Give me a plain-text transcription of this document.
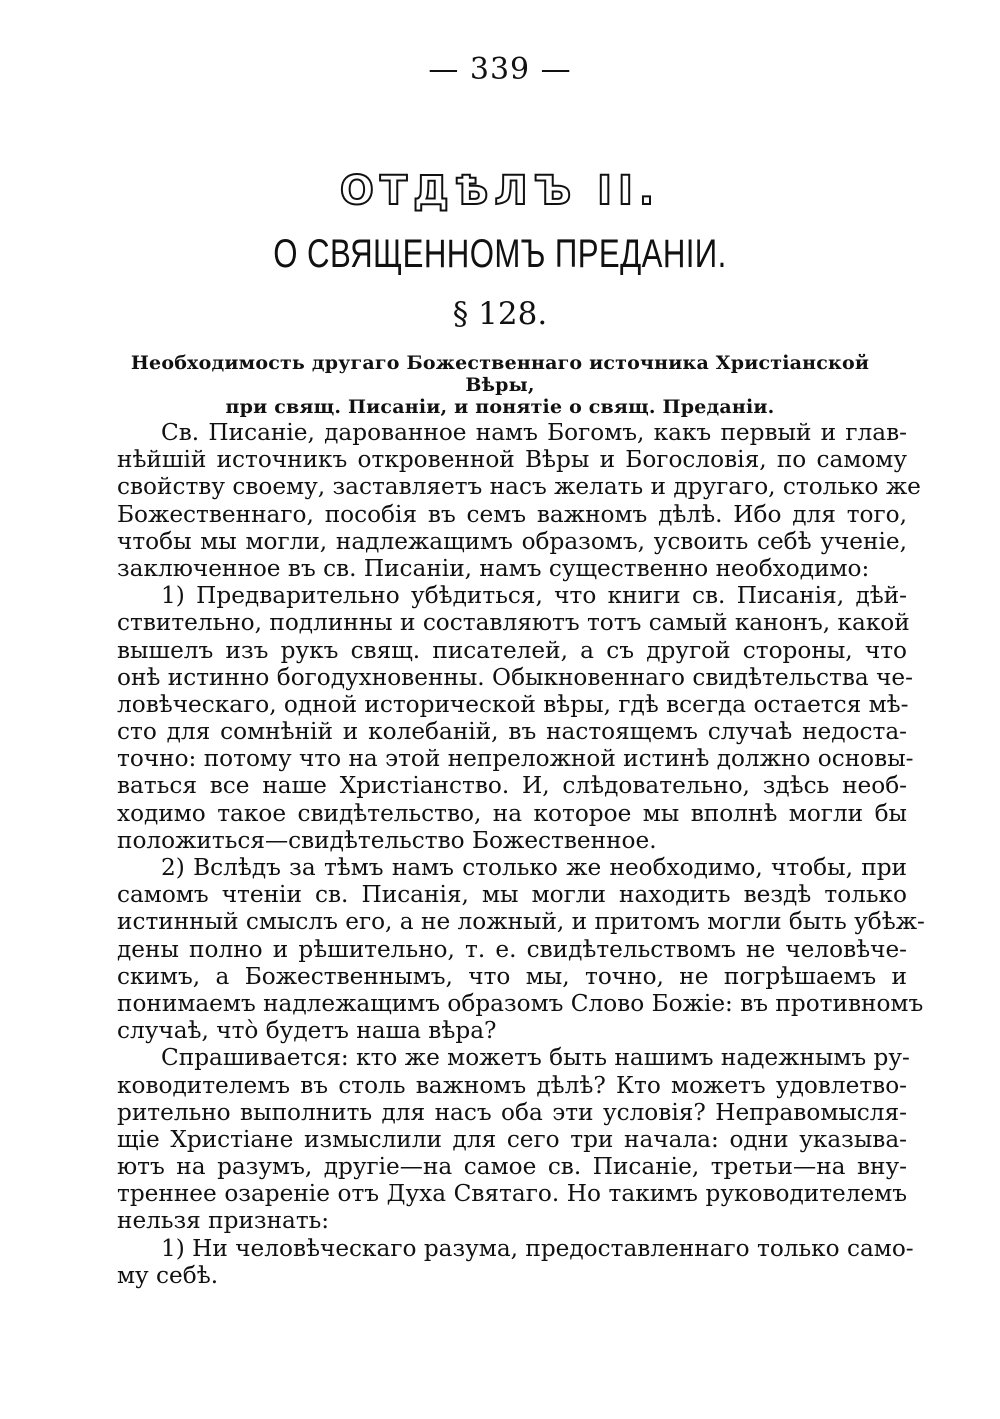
— 339 —
ОТДѢЛЪ II.
О СВЯЩЕННОМЪ ПРЕДАНІИ.
§ 128.
Необходимость другаго Божественнаго источника Христіанской Вѣры,
при свящ. Писаніи, и понятіе о свящ. Преданіи.
Св. Писаніе, дарованное намъ Богомъ, какъ первый и глав-
нѣйшій источникъ откровенной Вѣры и Богословія, по самому
свойству своему, заставляетъ насъ желать и другаго, столько же
Божественнаго, пособія въ семъ важномъ дѣлѣ. Ибо для того,
чтобы мы могли, надлежащимъ образомъ, усвоить себѣ ученіе,
заключенное въ св. Писаніи, намъ существенно необходимо:
1) Предварительно убѣдиться, что книги св. Писанія, дѣй-
ствительно, подлинны и составляютъ тотъ самый канонъ, какой
вышелъ изъ рукъ свящ. писателей, а съ другой стороны, что
онѣ истинно богодухновенны. Обыкновеннаго свидѣтельства че-
ловѣческаго, одной исторической вѣры, гдѣ всегда остается мѣ-
сто для сомнѣній и колебаній, въ настоящемъ случаѣ недоста-
точно: потому что на этой непреложной истинѣ должно основы-
ваться все наше Христіанство. И, слѣдовательно, здѣсь необ-
ходимо такое свидѣтельство, на которое мы вполнѣ могли бы
положиться—свидѣтельство Божественное.
2) Вслѣдъ за тѣмъ намъ столько же необходимо, чтобы, при
самомъ чтеніи св. Писанія, мы могли находить вездѣ только
истинный смыслъ его, а не ложный, и притомъ могли быть убѣж-
дены полно и рѣшительно, т. е. свидѣтельствомъ не человѣче-
скимъ, а Божественнымъ, что мы, точно, не погрѣшаемъ и
понимаемъ надлежащимъ образомъ Слово Божіе: въ противномъ
случаѣ, что̀ будетъ наша вѣра?
Спрашивается: кто же можетъ быть нашимъ надежнымъ ру-
ководителемъ въ столь важномъ дѣлѣ? Кто можетъ удовлетво-
рительно выполнить для насъ оба эти условія? Неправомысля-
щіе Христіане измыслили для сего три начала: одни указыва-
ютъ на разумъ, другіе—на самое св. Писаніе, третьи—на вну-
треннее озареніе отъ Духа Святаго. Но такимъ руководителемъ
нельзя признать:
1) Ни человѣческаго разума, предоставленнаго только само-
му себѣ.
